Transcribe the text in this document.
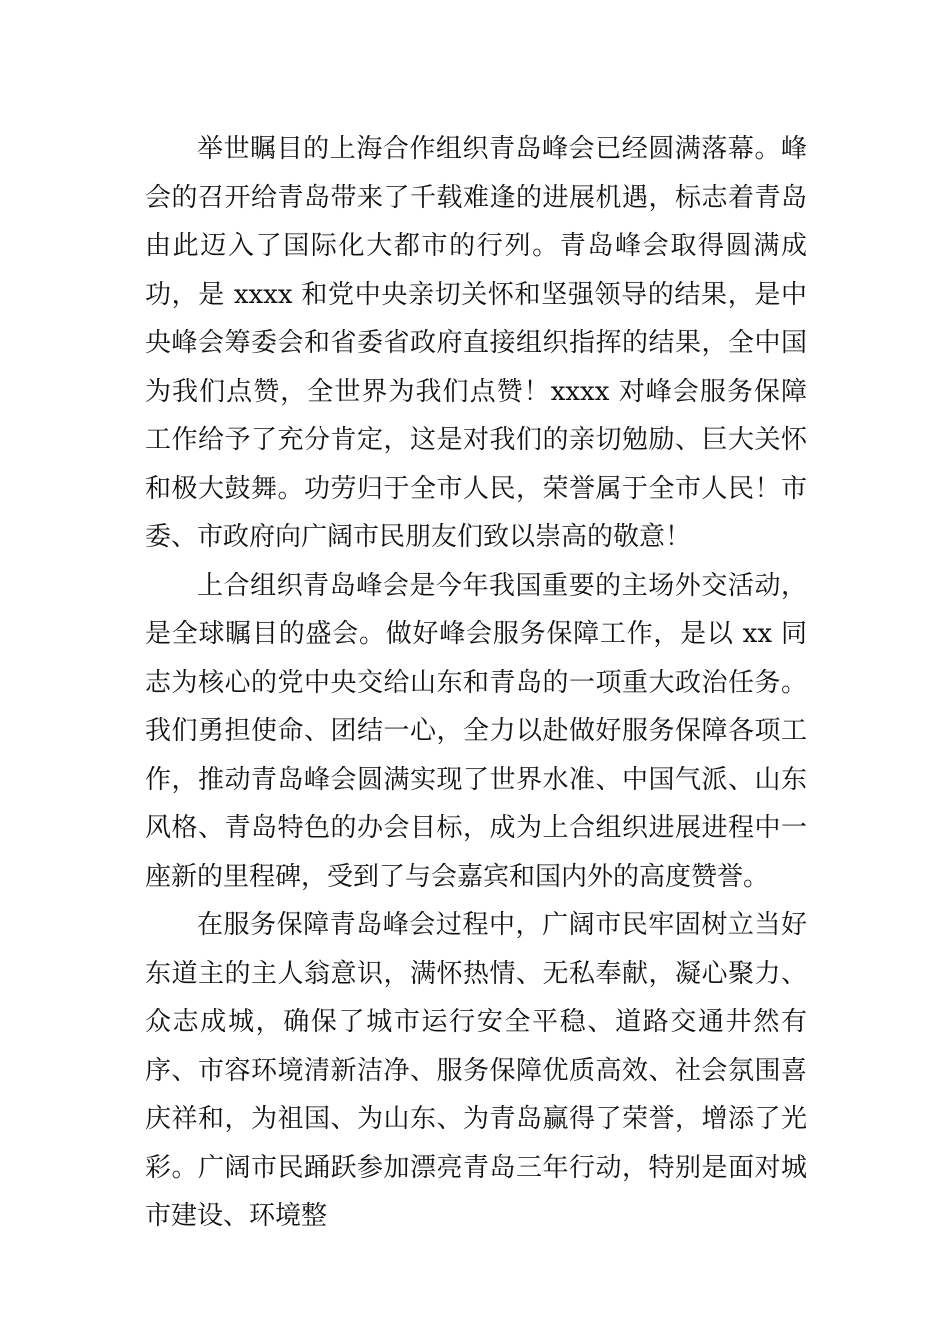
举世瞩目的上海合作组织青岛峰会已经圆满落幕。峰会的召开给青岛带来了千载难逢的进展机遇，标志着青岛由此迈入了国际化大都市的行列。青岛峰会取得圆满成功，是 xxxx 和党中央亲切关怀和坚强领导的结果，是中央峰会筹委会和省委省政府直接组织指挥的结果，全中国为我们点赞，全世界为我们点赞！xxxx 对峰会服务保障工作给予了充分肯定，这是对我们的亲切勉励、巨大关怀和极大鼓舞。功劳归于全市人民，荣誉属于全市人民！市委、市政府向广阔市民朋友们致以崇高的敬意！

上合组织青岛峰会是今年我国重要的主场外交活动，是全球瞩目的盛会。做好峰会服务保障工作，是以 xx 同志为核心的党中央交给山东和青岛的一项重大政治任务。我们勇担使命、团结一心，全力以赴做好服务保障各项工作，推动青岛峰会圆满实现了世界水准、中国气派、山东风格、青岛特色的办会目标，成为上合组织进展进程中一座新的里程碑，受到了与会嘉宾和国内外的高度赞誉。

在服务保障青岛峰会过程中，广阔市民牢固树立当好东道主的主人翁意识，满怀热情、无私奉献，凝心聚力、众志成城，确保了城市运行安全平稳、道路交通井然有序、市容环境清新洁净、服务保障优质高效、社会氛围喜庆祥和，为祖国、为山东、为青岛赢得了荣誉，增添了光彩。广阔市民踊跃参加漂亮青岛三年行动，特别是面对城市建设、环境整
